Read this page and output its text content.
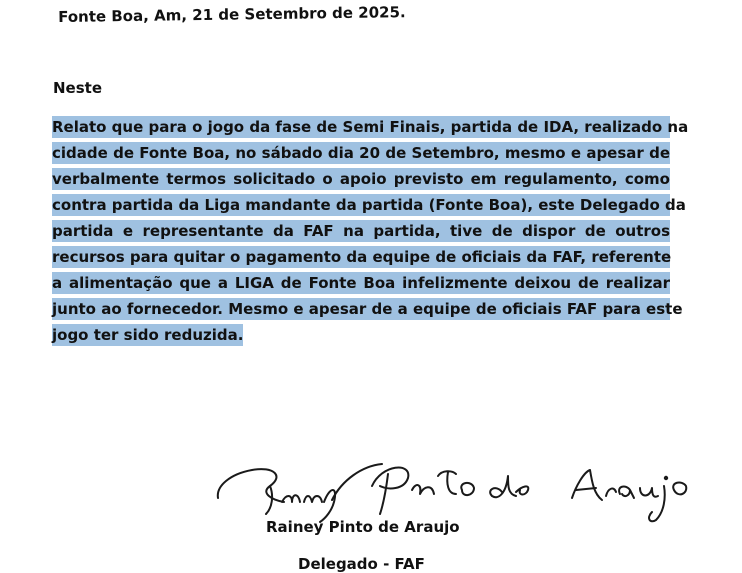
Fonte Boa, Am, 21 de Setembro de 2025.
Neste
Relato que para o jogo da fase de Semi Finais, partida de IDA, realizado na
cidade de Fonte Boa, no sábado dia 20 de Setembro, mesmo e apesar de
verbalmente termos solicitado o apoio previsto em regulamento, como
contra partida da Liga mandante da partida (Fonte Boa), este Delegado da
partida e representante da FAF na partida, tive de dispor de outros
recursos para quitar o pagamento da equipe de oficiais da FAF, referente
a alimentação que a LIGA de Fonte Boa infelizmente deixou de realizar
junto ao fornecedor. Mesmo e apesar de a equipe de oficiais FAF para este
jogo ter sido reduzida.
Rainey Pinto de Araujo
Delegado - FAF
